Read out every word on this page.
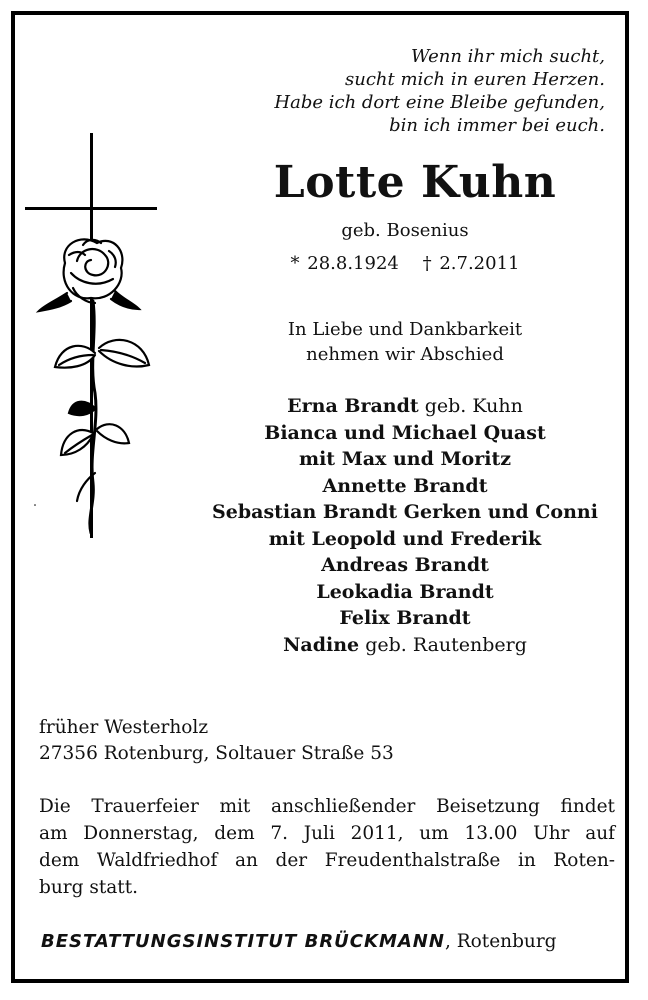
Wenn ihr mich sucht,
sucht mich in euren Herzen.
Habe ich dort eine Bleibe gefunden,
bin ich immer bei euch.
Lotte Kuhn
geb. Bosenius
* 28.8.1924 † 2.7.2011
In Liebe und Dankbarkeit
nehmen wir Abschied
Erna Brandt geb. Kuhn
Bianca und Michael Quast
mit Max und Moritz
Annette Brandt
Sebastian Brandt Gerken und Conni
mit Leopold und Frederik
Andreas Brandt
Leokadia Brandt
Felix Brandt
Nadine geb. Rautenberg
früher Westerholz
27356 Rotenburg, Soltauer Straße 53
Die Trauerfeier mit anschließender Beisetzung findet
am Donnerstag, dem 7. Juli 2011, um 13.00 Uhr auf
dem Waldfriedhof an der Freudenthalstraße in Roten-
burg statt.
BESTATTUNGSINSTITUT BRÜCKMANN, Rotenburg
